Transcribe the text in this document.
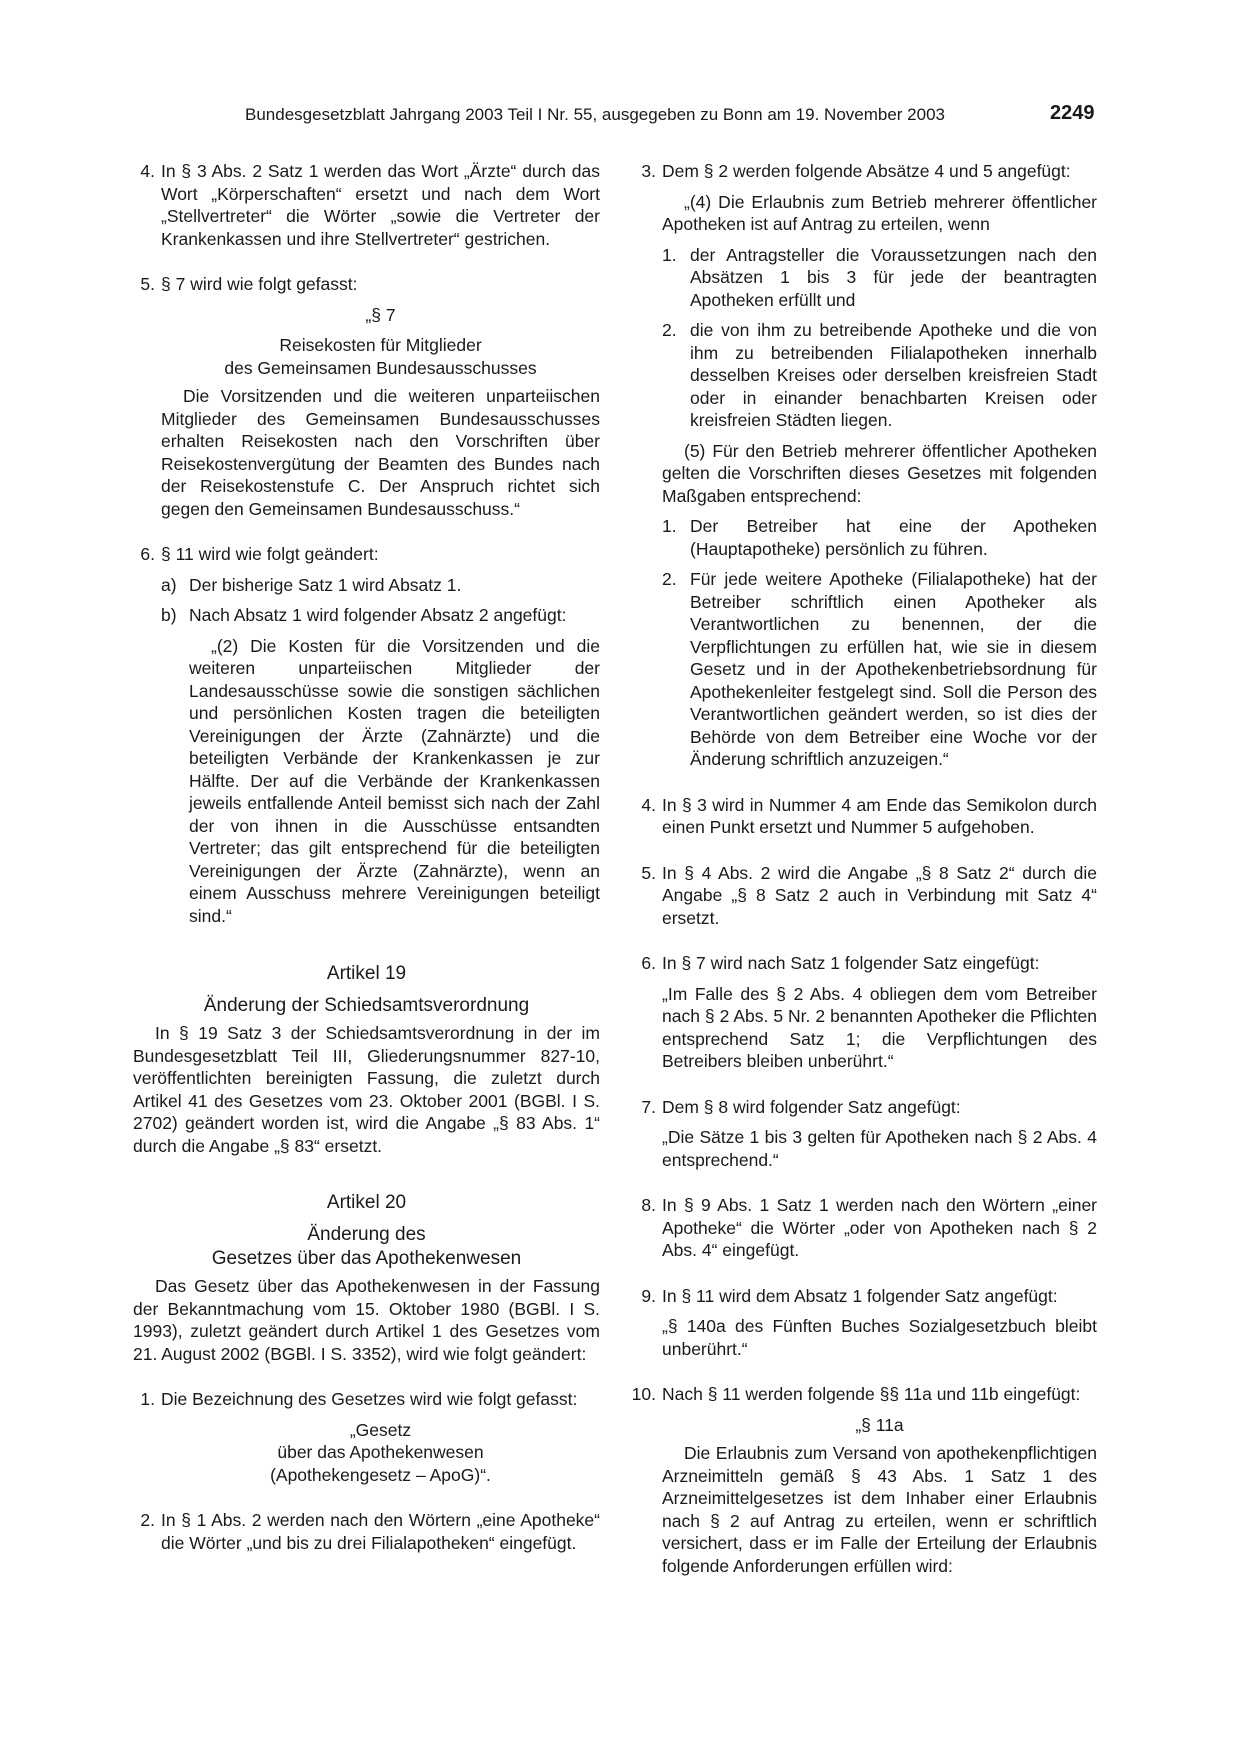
Bundesgesetzblatt Jahrgang 2003 Teil I Nr. 55, ausgegeben zu Bonn am 19. November 2003	2249
4. In § 3 Abs. 2 Satz 1 werden das Wort „Ärzte“ durch das Wort „Körperschaften“ ersetzt und nach dem Wort „Stellvertreter“ die Wörter „sowie die Vertreter der Krankenkassen und ihre Stellvertreter“ gestrichen.

5. § 7 wird wie folgt gefasst:

„§ 7

Reisekosten für Mitglieder

des Gemeinsamen Bundesausschusses

Die Vorsitzenden und die weiteren unparteiischen Mitglieder des Gemeinsamen Bundesausschusses erhalten Reisekosten nach den Vorschriften über Reisekostenvergütung der Beamten des Bundes nach der Reisekostenstufe C. Der Anspruch richtet sich gegen den Gemeinsamen Bundesausschuss.“

6. § 11 wird wie folgt geändert:

a) Der bisherige Satz 1 wird Absatz 1.

b) Nach Absatz 1 wird folgender Absatz 2 angefügt:

„(2) Die Kosten für die Vorsitzenden und die weiteren unparteiischen Mitglieder der Landesausschüsse sowie die sonstigen sächlichen und persönlichen Kosten tragen die beteiligten Vereinigungen der Ärzte (Zahnärzte) und die beteiligten Verbände der Krankenkassen je zur Hälfte. Der auf die Verbände der Krankenkassen jeweils entfallende Anteil bemisst sich nach der Zahl der von ihnen in die Ausschüsse entsandten Vertreter; das gilt entsprechend für die beteiligten Vereinigungen der Ärzte (Zahnärzte), wenn an einem Ausschuss mehrere Vereinigungen beteiligt sind.“

Artikel 19
Änderung der Schiedsamtsverordnung

In § 19 Satz 3 der Schiedsamtsverordnung in der im Bundesgesetzblatt Teil III, Gliederungsnummer 827-10, veröffentlichten bereinigten Fassung, die zuletzt durch Artikel 41 des Gesetzes vom 23. Oktober 2001 (BGBl. I S. 2702) geändert worden ist, wird die Angabe „§ 83 Abs. 1“ durch die Angabe „§ 83“ ersetzt.

Artikel 20
Änderung des
Gesetzes über das Apothekenwesen

Das Gesetz über das Apothekenwesen in der Fassung der Bekanntmachung vom 15. Oktober 1980 (BGBl. I S. 1993), zuletzt geändert durch Artikel 1 des Gesetzes vom 21. August 2002 (BGBl. I S. 3352), wird wie folgt geändert:

1. Die Bezeichnung des Gesetzes wird wie folgt gefasst:

„Gesetz

über das Apothekenwesen

(Apothekengesetz – ApoG)“.

2. In § 1 Abs. 2 werden nach den Wörtern „eine Apotheke“ die Wörter „und bis zu drei Filialapotheken“ eingefügt.

3. Dem § 2 werden folgende Absätze 4 und 5 angefügt:

„(4) Die Erlaubnis zum Betrieb mehrerer öffentlicher Apotheken ist auf Antrag zu erteilen, wenn

1. der Antragsteller die Voraussetzungen nach den Absätzen 1 bis 3 für jede der beantragten Apotheken erfüllt und

2. die von ihm zu betreibende Apotheke und die von ihm zu betreibenden Filialapotheken innerhalb desselben Kreises oder derselben kreisfreien Stadt oder in einander benachbarten Kreisen oder kreisfreien Städten liegen.

(5) Für den Betrieb mehrerer öffentlicher Apotheken gelten die Vorschriften dieses Gesetzes mit folgenden Maßgaben entsprechend:

1. Der Betreiber hat eine der Apotheken (Hauptapotheke) persönlich zu führen.

2. Für jede weitere Apotheke (Filialapotheke) hat der Betreiber schriftlich einen Apotheker als Verantwortlichen zu benennen, der die Verpflichtungen zu erfüllen hat, wie sie in diesem Gesetz und in der Apothekenbetriebsordnung für Apothekenleiter festgelegt sind. Soll die Person des Verantwortlichen geändert werden, so ist dies der Behörde von dem Betreiber eine Woche vor der Änderung schriftlich anzuzeigen.“

4. In § 3 wird in Nummer 4 am Ende das Semikolon durch einen Punkt ersetzt und Nummer 5 aufgehoben.

5. In § 4 Abs. 2 wird die Angabe „§ 8 Satz 2“ durch die Angabe „§ 8 Satz 2 auch in Verbindung mit Satz 4“ ersetzt.

6. In § 7 wird nach Satz 1 folgender Satz eingefügt:

„Im Falle des § 2 Abs. 4 obliegen dem vom Betreiber nach § 2 Abs. 5 Nr. 2 benannten Apotheker die Pflichten entsprechend Satz 1; die Verpflichtungen des Betreibers bleiben unberührt.“

7. Dem § 8 wird folgender Satz angefügt:

„Die Sätze 1 bis 3 gelten für Apotheken nach § 2 Abs. 4 entsprechend.“

8. In § 9 Abs. 1 Satz 1 werden nach den Wörtern „einer Apotheke“ die Wörter „oder von Apotheken nach § 2 Abs. 4“ eingefügt.

9. In § 11 wird dem Absatz 1 folgender Satz angefügt:

„§ 140a des Fünften Buches Sozialgesetzbuch bleibt unberührt.“

10. Nach § 11 werden folgende §§ 11a und 11b eingefügt:

„§ 11a

Die Erlaubnis zum Versand von apothekenpflichtigen Arzneimitteln gemäß § 43 Abs. 1 Satz 1 des Arzneimittelgesetzes ist dem Inhaber einer Erlaubnis nach § 2 auf Antrag zu erteilen, wenn er schriftlich versichert, dass er im Falle der Erteilung der Erlaubnis folgende Anforderungen erfüllen wird:
